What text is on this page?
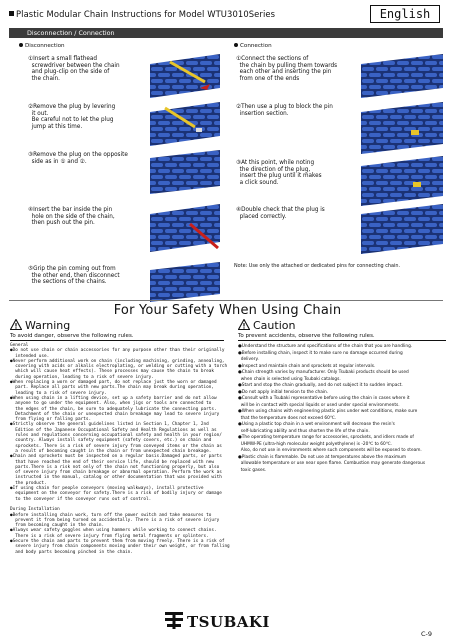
Plastic Modular Chain Instructions for Model WTU3010Series	English
Disconnection / Connection
Disconnection	Connection
①Insert a small flathead
screwdriver between the chain
and plug-clip on the side of
the chain.
②Remove the plug by levering
it out.
Be careful not to let the plug
jump at this time.
③Remove the plug on the opposite
side as in ① and ②.
④Insert the bar inside the pin
hole on the side of the chain,
then push out the pin.
⑤Grip the pin coming out from
the other end, then disconnect
the sections of the chains.
①Connect the sections of
the chain by pulling them towards
each other and inserting the pin
from one of the ends
②Then use a plug to block the pin
insertion section.
③At this point, while noting
the direction of the plug,
insert the plug until it makes
a click sound.
④Double check that the plug is
placed correctly.
Note: Use only the attached or dedicated pins for connecting chain.
For Your Safety When Using Chain
Warning	Caution
To avoid danger, observe the following rules.	To prevent accidents, observe the following rules.
General
●Do not use chain or chain accessories for any purpose other than their originally
intended use.
●Never perform additional work on chain (including machining, grinding, annealing,
covering with acids or alkalis electroplating, or welding or cutting with a torch
which will cause heat effects). These processes may cause the chain to break
during operation, leading to a risk of severe injury.
●When replacing a worn or damaged part, do not replace just the worn or damaged
part. Replace all parts with new parts.The chain may break during operation,
leading to a risk of severe injury.
●When using chain in a lifting device, set up a safety barrier and do not allow
anyone to go under the equipment. Also, when jigs or tools are connected to
the edges of the chain, be sure to adequately lubricate the connecting parts.
Detachment of the chain or unexpected chain breakage may lead to severe injury
from flying or falling parts.
●Strictly observe the general guidelines listed in Section 1, Chapter 1, 2nd
Edition of the Japanese Occupational Safety and Health Regulations as well as
rules and regulations concerning occupational safety and health in your region/
country. Always install safety equipment (safety covers, etc.) on chain and
sprockets. There is a risk of severe injury from conveyed items or the chain as
a result of becoming caught in the chain or from unexpected chain breakage.
●Chain and sprockets must be inspected on a regular basis.Damaged parts, or parts
that have reached the end of their service life, should be replaced with new
parts.There is a risk not only of the chain not functioning properly, but also
of severe injury from chain breakage or abnormal operation. Perform the work as
instructed in the manual, catalog or other documentation that was provided with
the product.
●If using chain for people conveyors (moving walkways), install protective
equipment on the conveyor for safety.There is a risk of bodily injury or damage
to the conveyer if the conveyor runs out of control.

During Installation
●Before installing chain work, turn off the power switch and take measures to
prevent it from being turned on accidentally. There is a risk of severe injury
from becoming caught in the chain.
●Always wear safety goggles when using hammers while working to connect chains.
There is a risk of severe injury from flying metal fragments or splinters.
●Secure the chain and parts to prevent them from moving freely. There is a risk of
severe injury from chain components moving under their own weight, or from falling
and body parts becoming pinched in the chain.
●Understand the structure and specifications of the chain that you are handling.
●Before installing chain, inspect it to make sure no damage occurred during
delivery.
●Inspect and maintain chain and sprockets at regular intervals.
●Chain strength varies by manufacturer. Only Tsubaki products should be used
when chain is selected using Tsubaki catalogs.
●Start and stop the chain gradually, and do not subject it to sudden impact.
●Do not apply initial tension to the chain.
●Consult with a Tsubaki representative before using the chain in cases where it
will be in contact with special liquids or used under special environments.
●When using chains with engineering plastic pins under wet conditions, make sure
that the temperature does not exceed 60℃.
●Using a plastic top chain in a wet environment will decrease the resin's
self-lubricating ability and thus shorten the life of the chain.
●The operating temperature range for accessories, sprockets, and idlers made of
UHMW-PE (ultra-high molecular weight polyethylene) is -20℃ to 60℃.
Also, do not use in environments where such components will be exposed to steam.
●Plastic chain is flammable. Do not use at temperatures above the maximum
allowable temperature or use near open flame. Combustion may generate dangerous
toxic gases.
TSUBAKI
C-9
